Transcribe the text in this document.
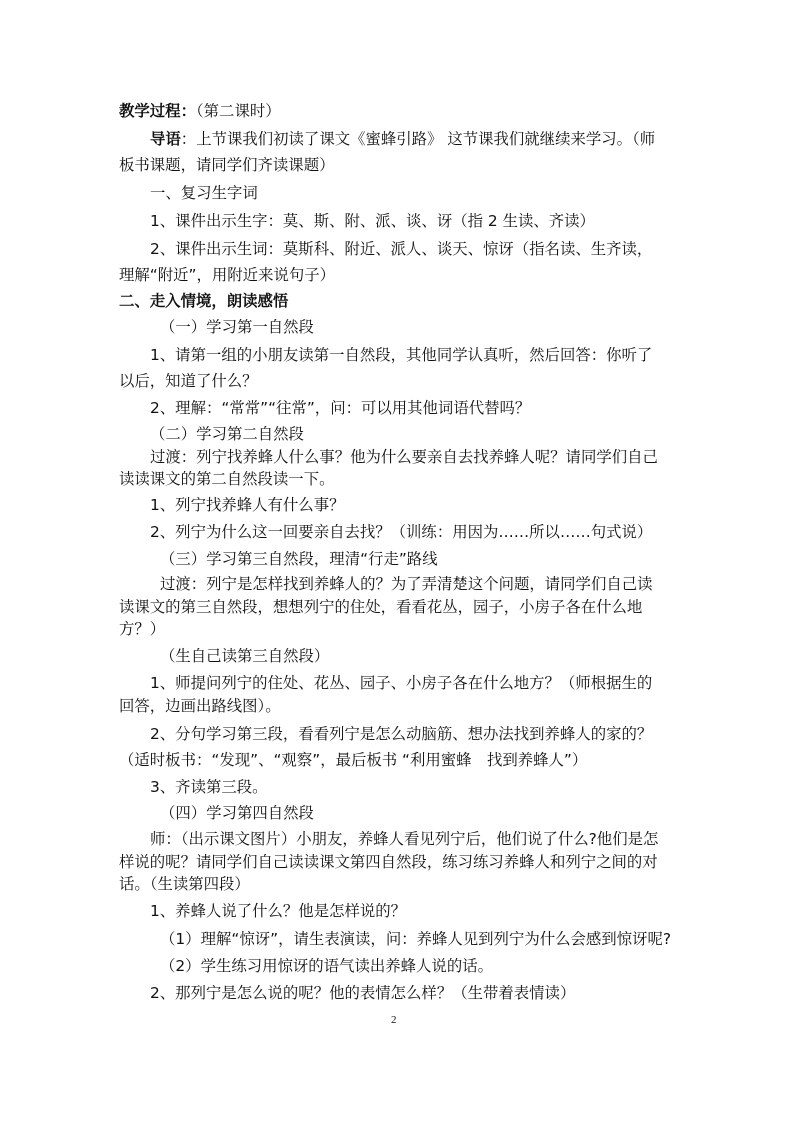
教学过程：（第二课时）
导语：上节课我们初读了课文《蜜蜂引路》 这节课我们就继续来学习。（师
板书课题，请同学们齐读课题）
一、复习生字词
1、课件出示生字：莫、斯、附、派、谈、讶（指 2 生读、齐读）
2、课件出示生词：莫斯科、附近、派人、谈天、惊讶（指名读、生齐读，
理解“附近”，用附近来说句子）
二、走入情境，朗读感悟
（一）学习第一自然段
1、请第一组的小朋友读第一自然段，其他同学认真听，然后回答：你听了
以后，知道了什么？
2、理解：“常常”“往常”，问：可以用其他词语代替吗？
（二）学习第二自然段
过渡：列宁找养蜂人什么事？他为什么要亲自去找养蜂人呢？请同学们自己
读读课文的第二自然段读一下。
1、列宁找养蜂人有什么事？
2、列宁为什么这一回要亲自去找？（训练：用因为……所以……句式说）
（三）学习第三自然段，理清“行走”路线
过渡：列宁是怎样找到养蜂人的？为了弄清楚这个问题，请同学们自己读
读课文的第三自然段，想想列宁的住处，看看花丛，园子，小房子各在什么地
方？）
（生自己读第三自然段）
1、师提问列宁的住处、花丛、园子、小房子各在什么地方？（师根据生的
回答，边画出路线图）。
2、分句学习第三段，看看列宁是怎么动脑筋、想办法找到养蜂人的家的？
（适时板书：“发现”、“观察”，最后板书 “利用蜜蜂　找到养蜂人”）
3、齐读第三段。
（四）学习第四自然段
师：（出示课文图片）小朋友，养蜂人看见列宁后，他们说了什么?他们是怎
样说的呢？请同学们自己读读课文第四自然段，练习练习养蜂人和列宁之间的对
话。（生读第四段）
1、养蜂人说了什么？他是怎样说的？
（1）理解“惊讶”，请生表演读，问：养蜂人见到列宁为什么会感到惊讶呢?
（2）学生练习用惊讶的语气读出养蜂人说的话。
2、那列宁是怎么说的呢？他的表情怎么样？（生带着表情读）
2
